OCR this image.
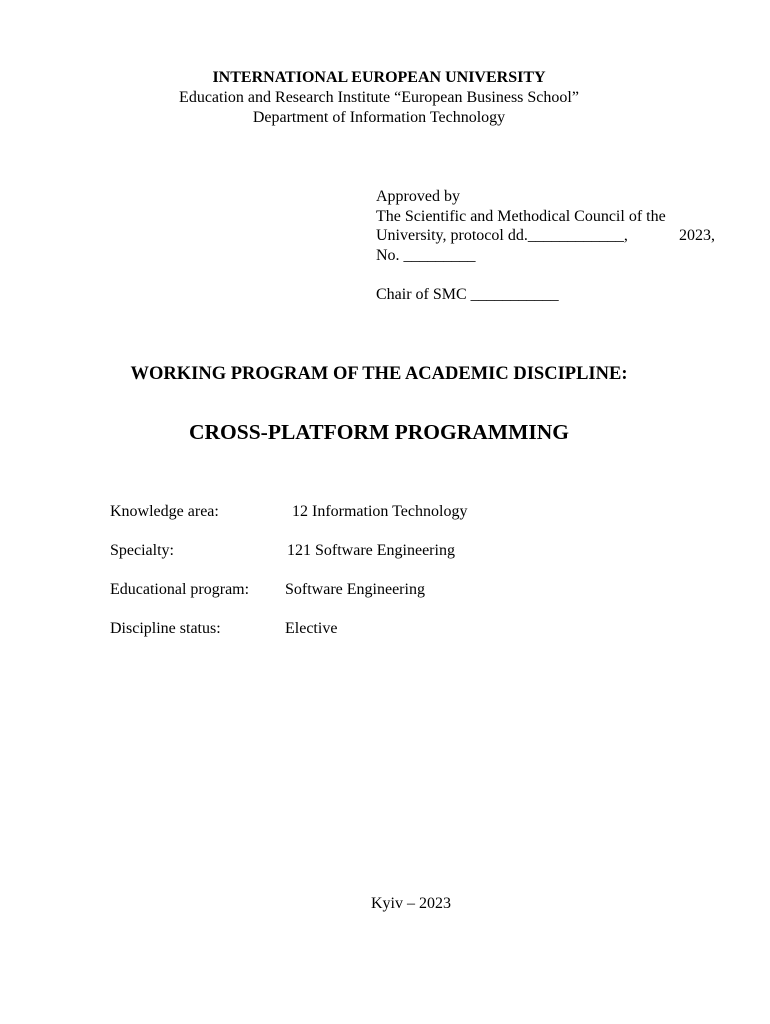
INTERNATIONAL EUROPEAN UNIVERSITY
Education and Research Institute “European Business School”
Department of Information Technology
Approved by
The Scientific and Methodical Council of the
University, protocol dd.____________,	2023,
No. _________
Chair of SMC ___________
WORKING PROGRAM OF THE ACADEMIC DISCIPLINE:
CROSS-PLATFORM PROGRAMMING
Knowledge area:	12 Information Technology
Specialty:	121 Software Engineering
Educational program: Software Engineering
Discipline status:	Elective
Kyiv – 2023
